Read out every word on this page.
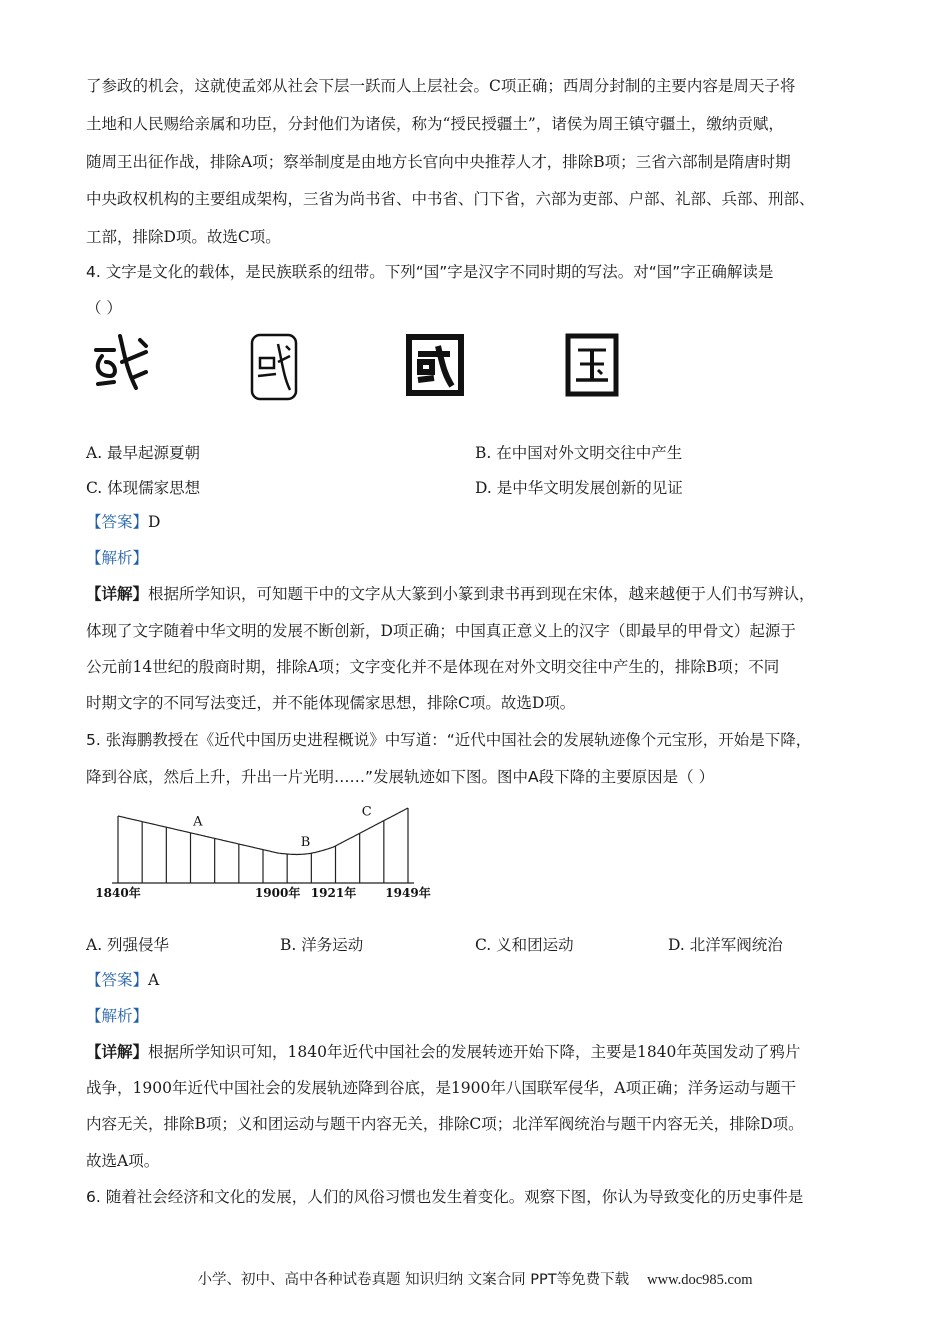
了参政的机会，这就使孟郊从社会下层一跃而人上层社会。C项正确；西周分封制的主要内容是周天子将
土地和人民赐给亲属和功臣，分封他们为诸侯，称为“授民授疆土”，诸侯为周王镇守疆土，缴纳贡赋，
随周王出征作战，排除A项；察举制度是由地方长官向中央推荐人才，排除B项；三省六部制是隋唐时期
中央政权机构的主要组成架构，三省为尚书省、中书省、门下省，六部为吏部、户部、礼部、兵部、刑部、
工部，排除D项。故选C项。
4. 文字是文化的载体，是民族联系的纽带。下列“国”字是汉字不同时期的写法。对“国”字正确解读是
（ ）
A. 最早起源夏朝	B. 在中国对外文明交往中产生
C. 体现儒家思想	D. 是中华文明发展创新的见证
【答案】D
【解析】
【详解】根据所学知识，可知题干中的文字从大篆到小篆到隶书再到现在宋体，越来越便于人们书写辨认，
体现了文字随着中华文明的发展不断创新，D项正确；中国真正意义上的汉字（即最早的甲骨文）起源于
公元前14世纪的殷商时期，排除A项；文字变化并不是体现在对外文明交往中产生的，排除B项；不同
时期文字的不同写法变迁，并不能体现儒家思想，排除C项。故选D项。
5. 张海鹏教授在《近代中国历史进程概说》中写道：“近代中国社会的发展轨迹像个元宝形，开始是下降，
降到谷底，然后上升，升出一片光明……”发展轨迹如下图。图中A段下降的主要原因是（ ）
1840年	1900年 1921年 1949年
A
B
C
A. 列强侵华	B. 洋务运动	C. 义和团运动	D. 北洋军阀统治
【答案】A
【解析】
【详解】根据所学知识可知，1840年近代中国社会的发展转迹开始下降，主要是1840年英国发动了鸦片
战争，1900年近代中国社会的发展轨迹降到谷底，是1900年八国联军侵华，A项正确；洋务运动与题干
内容无关，排除B项；义和团运动与题干内容无关，排除C项；北洋军阀统治与题干内容无关，排除D项。
故选A项。
6. 随着社会经济和文化的发展，人们的风俗习惯也发生着变化。观察下图，你认为导致变化的历史事件是
小学、初中、高中各种试卷真题 知识归纳 文案合同 PPT等免费下载 www.doc985.com
